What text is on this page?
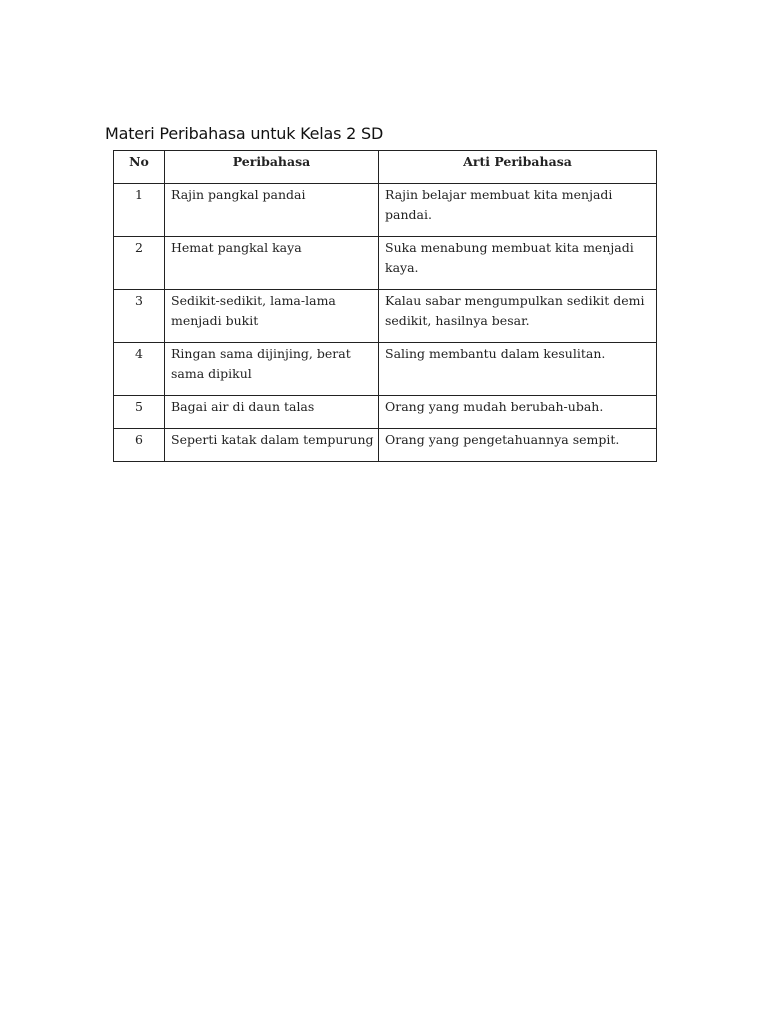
Materi Peribahasa untuk Kelas 2 SD
No	Peribahasa	Arti Peribahasa
1	Rajin pangkal pandai	Rajin belajar membuat kita menjadi pandai.
2	Hemat pangkal kaya	Suka menabung membuat kita menjadi kaya.
3	Sedikit-sedikit, lama-lama menjadi bukit	Kalau sabar mengumpulkan sedikit demi sedikit, hasilnya besar.
4	Ringan sama dijinjing, berat sama dipikul	Saling membantu dalam kesulitan.
5	Bagai air di daun talas	Orang yang mudah berubah-ubah.
6	Seperti katak dalam tempurung	Orang yang pengetahuannya sempit.
